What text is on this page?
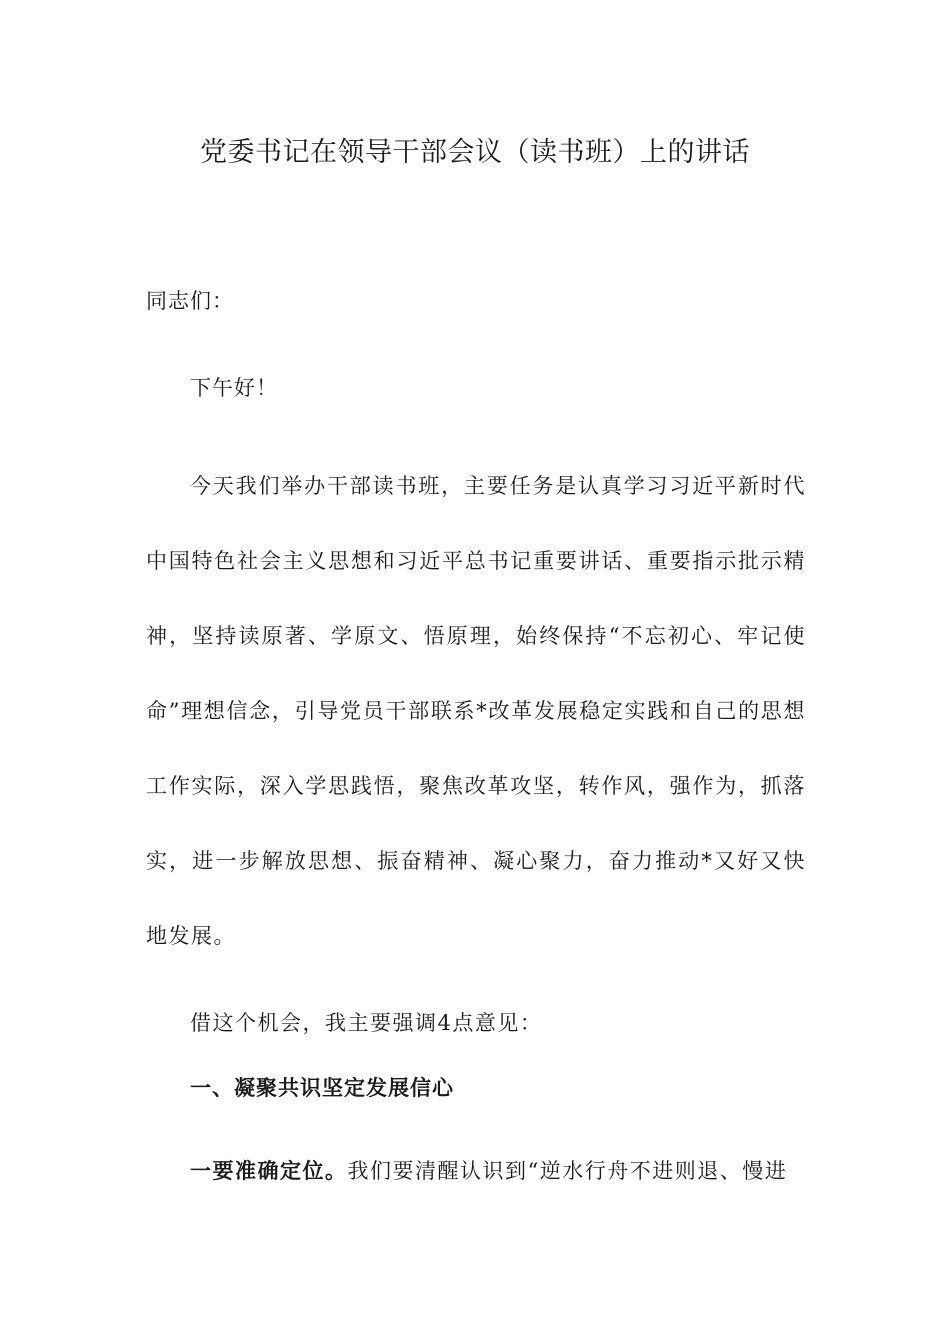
党委书记在领导干部会议（读书班）上的讲话

同志们：

下午好！

今天我们举办干部读书班，主要任务是认真学习习近平新时代中国特色社会主义思想和习近平总书记重要讲话、重要指示批示精神，坚持读原著、学原文、悟原理，始终保持“不忘初心、牢记使命”理想信念，引导党员干部联系*改革发展稳定实践和自己的思想工作实际，深入学思践悟，聚焦改革攻坚，转作风，强作为，抓落实，进一步解放思想、振奋精神、凝心聚力，奋力推动*又好又快地发展。

借这个机会，我主要强调4点意见：

一、凝聚共识坚定发展信心

一要准确定位。我们要清醒认识到“逆水行舟不进则退、慢进
